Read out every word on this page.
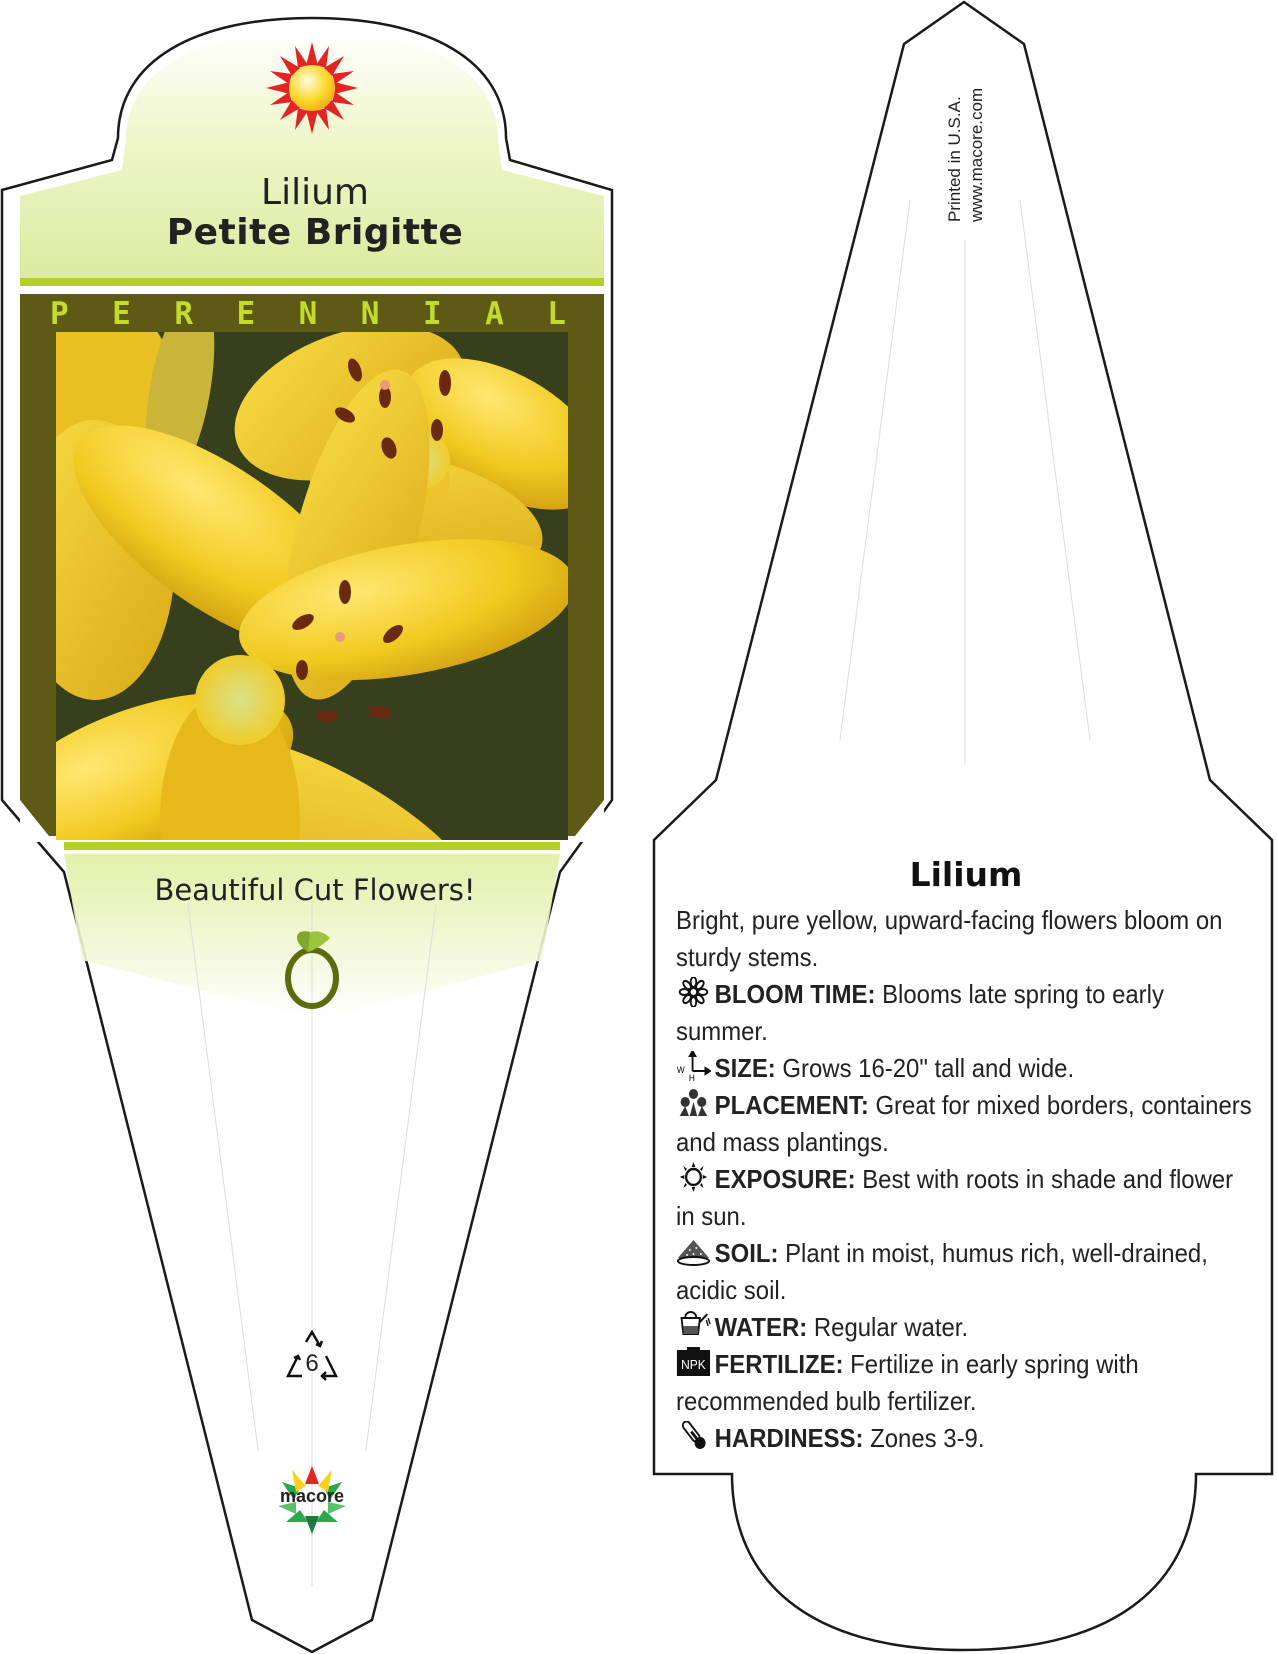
Lilium
Petite Brigitte
P E R E N N I A L
Beautiful Cut Flowers!
6
macore
Printed in U.S.A. www.macore.com
Lilium
Bright, pure yellow, upward-facing flowers bloom on sturdy stems.
BLOOM TIME: Blooms late spring to early summer.
W
H SIZE: Grows 16-20" tall and wide.
PLACEMENT: Great for mixed borders, containers and mass plantings.
EXPOSURE: Best with roots in shade and flower in sun.
SOIL: Plant in moist, humus rich, well-drained, acidic soil.
WATER: Regular water.
NPK FERTILIZE: Fertilize in early spring with recommended bulb fertilizer.
HARDINESS: Zones 3-9.
